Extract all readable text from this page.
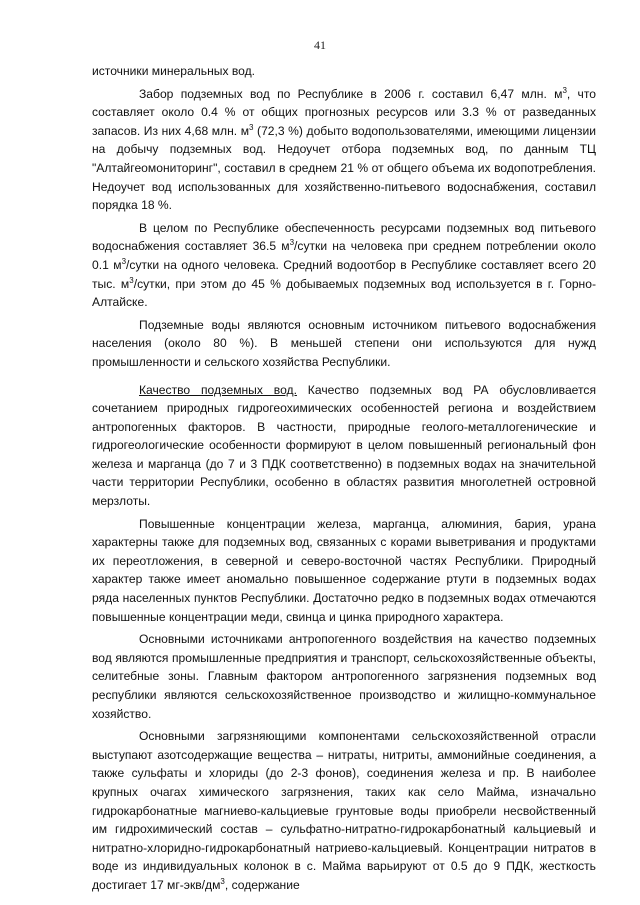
41

источники минеральных вод.

Забор подземных вод по Республике в 2006 г. составил 6,47 млн. $м^3$, что составляет около 0.4 % от общих прогнозных ресурсов или 3.3 % от разведанных запасов. Из них 4,68 млн. $м^3$ (72,3 %) добыто водопользователями, имеющими лицензии на добычу подземных вод. Недоучет отбора подземных вод, по данным ТЦ "Алтайгеомониторинг", составил в среднем 21 % от общего объема их водопотребления. Недоучет вод использованных для хозяйственно-питьевого водоснабжения, составил порядка 18 %.

В целом по Республике обеспеченность ресурсами подземных вод питьевого водоснабжения составляет 36.5 $м^3$/сутки на человека при среднем потреблении около 0.1 $м^3$/сутки на одного человека. Средний водоотбор в Республике составляет всего 20 тыс. $м^3$/сутки, при этом до 45 % добываемых подземных вод используется в г. Горно-Алтайске.

Подземные воды являются основным источником питьевого водоснабжения населения (около 80 %). В меньшей степени они используются для нужд промышленности и сельского хозяйства Республики.

Качество подземных вод. Качество подземных вод РА обусловливается сочетанием природных гидрогеохимических особенностей региона и воздействием антропогенных факторов. В частности, природные геолого-металлогенические и гидрогеологические особенности формируют в целом повышенный региональный фон железа и марганца (до 7 и 3 ПДК соответственно) в подземных водах на значительной части территории Республики, особенно в областях развития многолетней островной мерзлоты.

Повышенные концентрации железа, марганца, алюминия, бария, урана характерны также для подземных вод, связанных с корами выветривания и продуктами их переотложения, в северной и северо-восточной частях Республики. Природный характер также имеет аномально повышенное содержание ртути в подземных водах ряда населенных пунктов Республики. Достаточно редко в подземных водах отмечаются повышенные концентрации меди, свинца и цинка природного характера.

Основными источниками антропогенного воздействия на качество подземных вод являются промышленные предприятия и транспорт, сельскохозяйственные объекты, селитебные зоны. Главным фактором антропогенного загрязнения подземных вод республики являются сельскохозяйственное производство и жилищно-коммунальное хозяйство.

Основными загрязняющими компонентами сельскохозяйственной отрасли выступают азотсодержащие вещества – нитраты, нитриты, аммонийные соединения, а также сульфаты и хлориды (до 2-3 фонов), соединения железа и пр. В наиболее крупных очагах химического загрязнения, таких как село Майма, изначально гидрокарбонатные магниево-кальциевые грунтовые воды приобрели несвойственный им гидрохимический состав – сульфатно-нитратно-гидрокарбонатный кальциевый и нитратно-хлоридно-гидрокарбонатный натриево-кальциевый. Концентрации нитратов в воде из индивидуальных колонок в с. Майма варьируют от 0.5 до 9 ПДК, жесткость достигает 17 $мг-экв/дм^3$, содержание
